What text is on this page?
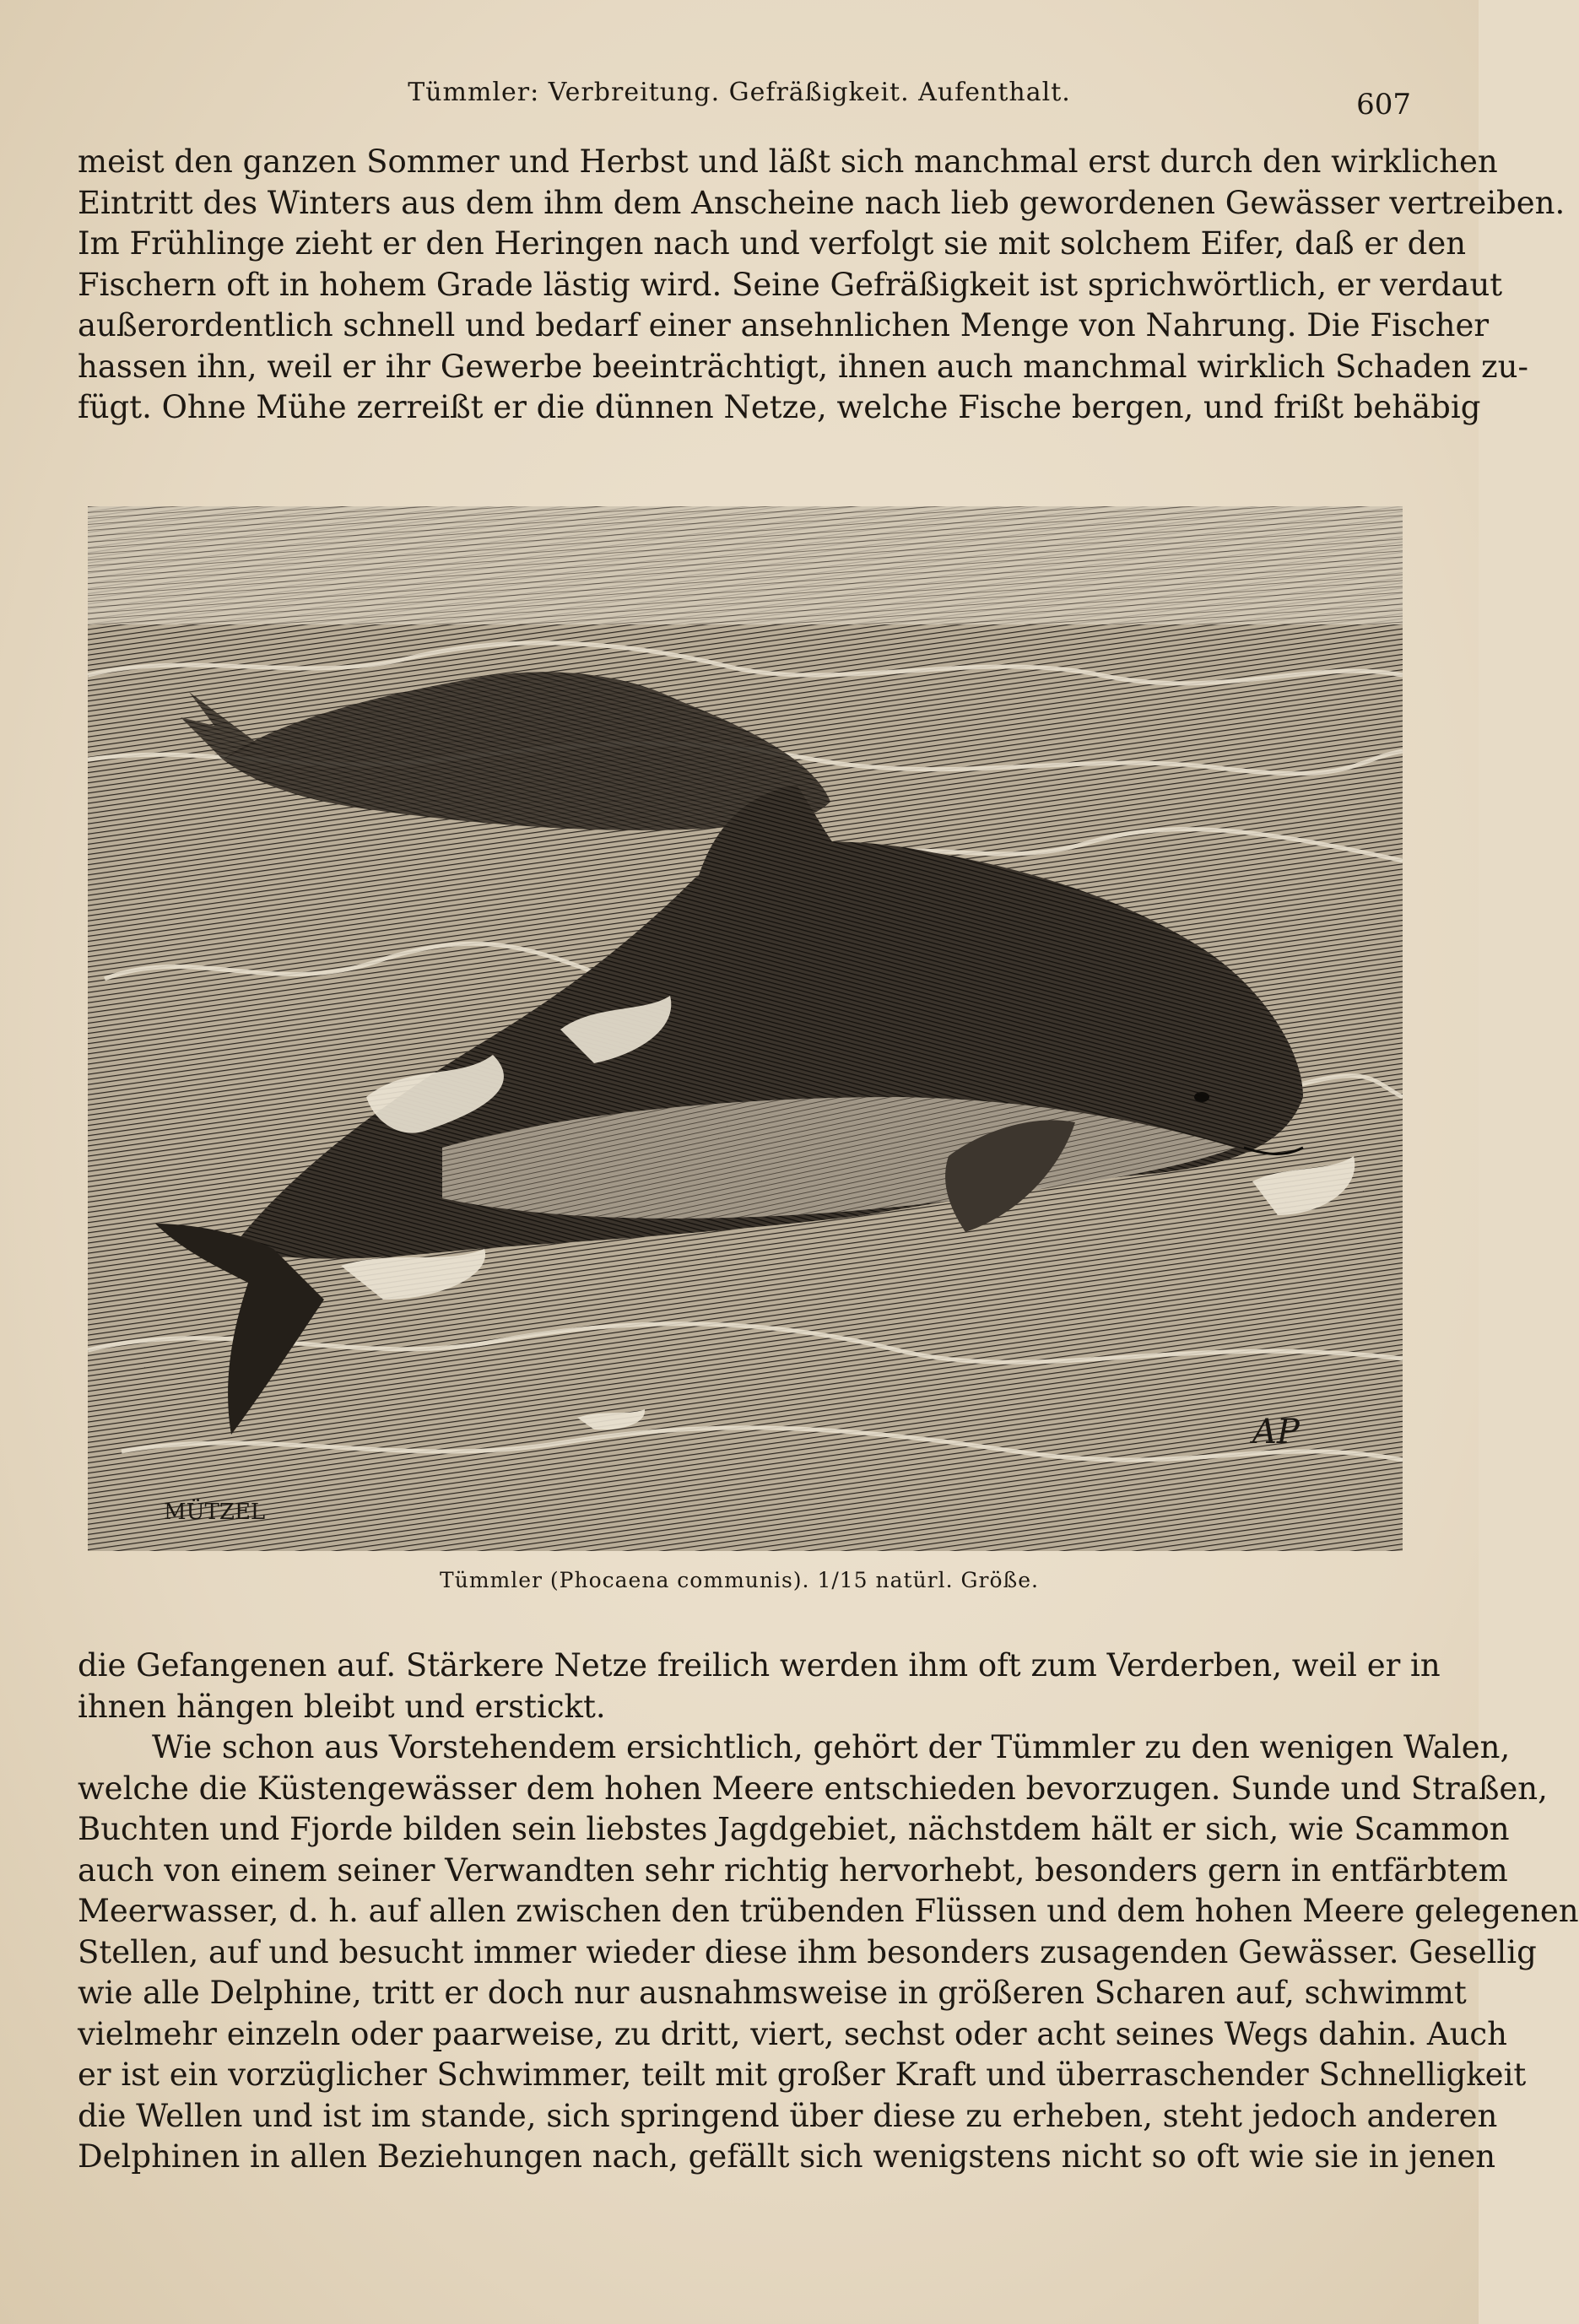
Tümmler: Verbreitung. Gefräßigkeit. Aufenthalt.	607
meist den ganzen Sommer und Herbst und läßt sich manchmal erst durch den wirklichen
Eintritt des Winters aus dem ihm dem Anscheine nach lieb gewordenen Gewässer vertreiben.
Im Frühlinge zieht er den Heringen nach und verfolgt sie mit solchem Eifer, daß er den
Fischern oft in hohem Grade lästig wird. Seine Gefräßigkeit ist sprichwörtlich, er verdaut
außerordentlich schnell und bedarf einer ansehnlichen Menge von Nahrung. Die Fischer
hassen ihn, weil er ihr Gewerbe beeinträchtigt, ihnen auch manchmal wirklich Schaden zu-
fügt. Ohne Mühe zerreißt er die dünnen Netze, welche Fische bergen, und frißt behäbig
MÜTZEL
AP
Tümmler (Phocaena communis). 1/15 natürl. Größe.
die Gefangenen auf. Stärkere Netze freilich werden ihm oft zum Verderben, weil er in
ihnen hängen bleibt und erstickt.
Wie schon aus Vorstehendem ersichtlich, gehört der Tümmler zu den wenigen Walen,
welche die Küstengewässer dem hohen Meere entschieden bevorzugen. Sunde und Straßen,
Buchten und Fjorde bilden sein liebstes Jagdgebiet, nächstdem hält er sich, wie Scammon
auch von einem seiner Verwandten sehr richtig hervorhebt, besonders gern in entfärbtem
Meerwasser, d. h. auf allen zwischen den trübenden Flüssen und dem hohen Meere gelegenen
Stellen, auf und besucht immer wieder diese ihm besonders zusagenden Gewässer. Gesellig
wie alle Delphine, tritt er doch nur ausnahmsweise in größeren Scharen auf, schwimmt
vielmehr einzeln oder paarweise, zu dritt, viert, sechst oder acht seines Wegs dahin. Auch
er ist ein vorzüglicher Schwimmer, teilt mit großer Kraft und überraschender Schnelligkeit
die Wellen und ist im stande, sich springend über diese zu erheben, steht jedoch anderen
Delphinen in allen Beziehungen nach, gefällt sich wenigstens nicht so oft wie sie in jenen
